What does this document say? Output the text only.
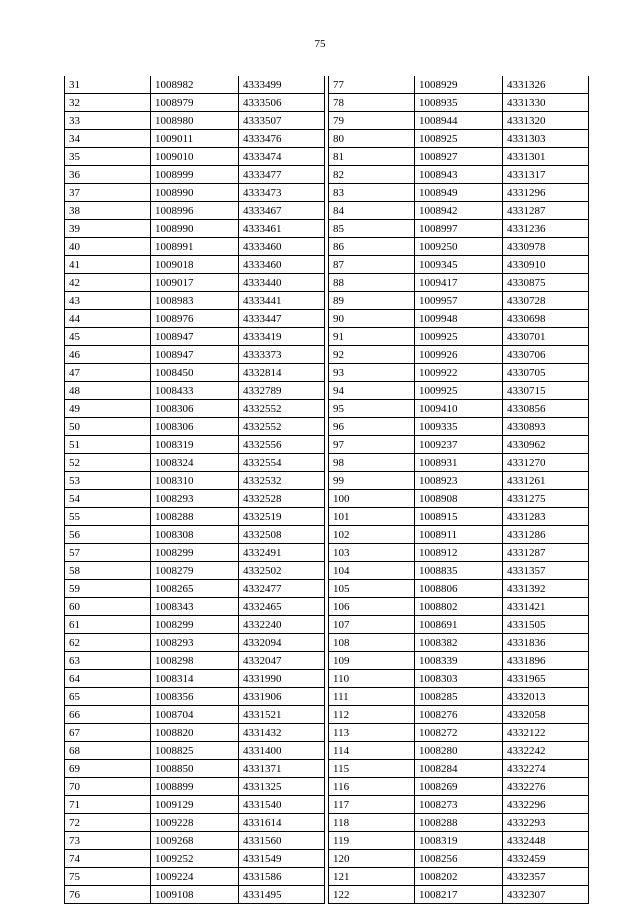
75
31	1008982	4333499
32	1008979	4333506
33	1008980	4333507
34	1009011	4333476
35	1009010	4333474
36	1008999	4333477
37	1008990	4333473
38	1008996	4333467
39	1008990	4333461
40	1008991	4333460
41	1009018	4333460
42	1009017	4333440
43	1008983	4333441
44	1008976	4333447
45	1008947	4333419
46	1008947	4333373
47	1008450	4332814
48	1008433	4332789
49	1008306	4332552
50	1008306	4332552
51	1008319	4332556
52	1008324	4332554
53	1008310	4332532
54	1008293	4332528
55	1008288	4332519
56	1008308	4332508
57	1008299	4332491
58	1008279	4332502
59	1008265	4332477
60	1008343	4332465
61	1008299	4332240
62	1008293	4332094
63	1008298	4332047
64	1008314	4331990
65	1008356	4331906
66	1008704	4331521
67	1008820	4331432
68	1008825	4331400
69	1008850	4331371
70	1008899	4331325
71	1009129	4331540
72	1009228	4331614
73	1009268	4331560
74	1009252	4331549
75	1009224	4331586
76	1009108	4331495
77	1008929	4331326
78	1008935	4331330
79	1008944	4331320
80	1008925	4331303
81	1008927	4331301
82	1008943	4331317
83	1008949	4331296
84	1008942	4331287
85	1008997	4331236
86	1009250	4330978
87	1009345	4330910
88	1009417	4330875
89	1009957	4330728
90	1009948	4330698
91	1009925	4330701
92	1009926	4330706
93	1009922	4330705
94	1009925	4330715
95	1009410	4330856
96	1009335	4330893
97	1009237	4330962
98	1008931	4331270
99	1008923	4331261
100	1008908	4331275
101	1008915	4331283
102	1008911	4331286
103	1008912	4331287
104	1008835	4331357
105	1008806	4331392
106	1008802	4331421
107	1008691	4331505
108	1008382	4331836
109	1008339	4331896
110	1008303	4331965
111	1008285	4332013
112	1008276	4332058
113	1008272	4332122
114	1008280	4332242
115	1008284	4332274
116	1008269	4332276
117	1008273	4332296
118	1008288	4332293
119	1008319	4332448
120	1008256	4332459
121	1008202	4332357
122	1008217	4332307
